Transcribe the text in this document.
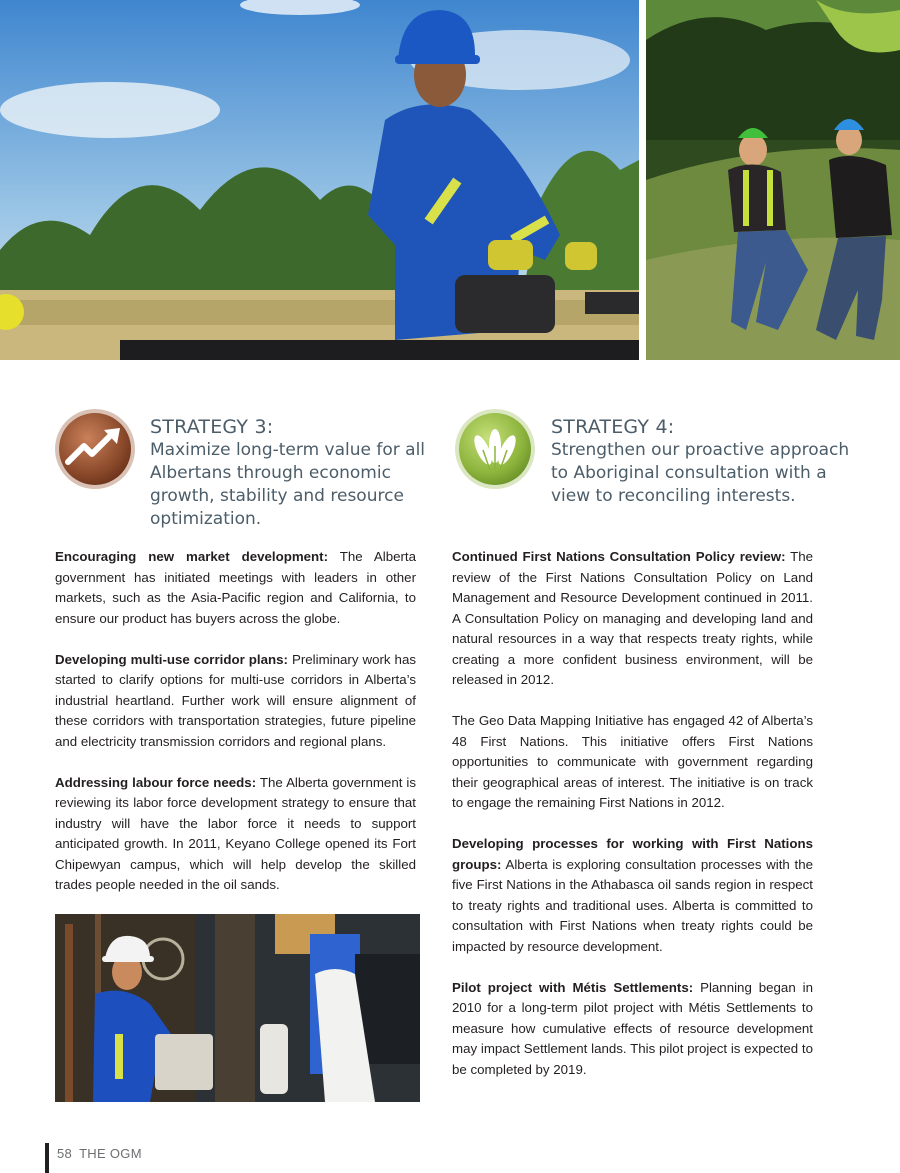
STRATEGY 3:
Maximize long-term value for all Albertans through economic growth, stability and resource optimization.
STRATEGY 4:
Strengthen our proactive approach to Aboriginal consultation with a view to reconciling interests.

Encouraging new market development: The Alberta government has initiated meetings with leaders in other markets, such as the Asia-Pacific region and California, to ensure our product has buyers across the globe.

Developing multi-use corridor plans: Preliminary work has started to clarify options for multi-use corridors in Alberta’s industrial heartland. Further work will ensure alignment of these corridors with transportation strategies, future pipeline and electricity transmission corridors and regional plans.

Addressing labour force needs: The Alberta government is reviewing its labor force development strategy to ensure that industry will have the labor force it needs to support anticipated growth. In 2011, Keyano College opened its Fort Chipewyan campus, which will help develop the skilled trades people needed in the oil sands.

Continued First Nations Consultation Policy review: The review of the First Nations Consultation Policy on Land Management and Resource Development continued in 2011. A Consultation Policy on managing and developing land and natural resources in a way that respects treaty rights, while creating a more confident business environment, will be released in 2012.

The Geo Data Mapping Initiative has engaged 42 of Alberta’s 48 First Nations. This initiative offers First Nations opportunities to communicate with government regarding their geographical areas of interest. The initiative is on track to engage the remaining First Nations in 2012.

Developing processes for working with First Nations groups: Alberta is exploring consultation processes with the five First Nations in the Athabasca oil sands region in respect to treaty rights and traditional uses. Alberta is committed to consultation with First Nations when treaty rights could be impacted by resource development.

Pilot project with Métis Settlements: Planning began in 2010 for a long-term pilot project with Métis Settlements to measure how cumulative effects of resource development may impact Settlement lands. This pilot project is expected to be completed by 2019.

58 THE OGM
